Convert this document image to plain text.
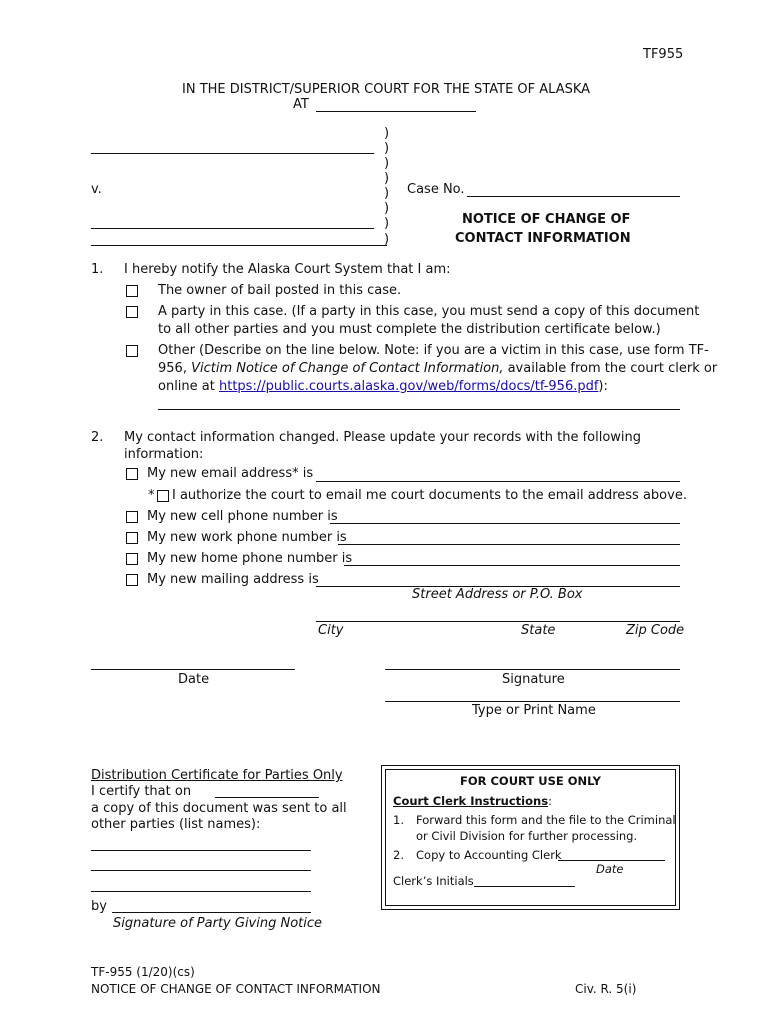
TF955
IN THE DISTRICT/SUPERIOR COURT FOR THE STATE OF ALASKA
AT
v.
)
)
)
)
)
)
)
)
Case No.
NOTICE OF CHANGE OF
CONTACT INFORMATION
1. I hereby notify the Alaska Court System that I am:
The owner of bail posted in this case.
A party in this case. (If a party in this case, you must send a copy of this document
to all other parties and you must complete the distribution certificate below.)
Other (Describe on the line below. Note: if you are a victim in this case, use form TF-
956, Victim Notice of Change of Contact Information, available from the court clerk or
online at https://public.courts.alaska.gov/web/forms/docs/tf-956.pdf):
2. My contact information changed. Please update your records with the following
information:
My new email address* is
* I authorize the court to email me court documents to the email address above.
My new cell phone number is
My new work phone number is
My new home phone number is
My new mailing address is
Street Address or P.O. Box
City	State	Zip Code
Date	Signature
Type or Print Name
Distribution Certificate for Parties Only
I certify that on
a copy of this document was sent to all
other parties (list names):
by
Signature of Party Giving Notice
FOR COURT USE ONLY
Court Clerk Instructions:
1. Forward this form and the file to the Criminal
or Civil Division for further processing.
2. Copy to Accounting Clerk
Date
Clerk’s Initials
TF-955 (1/20)(cs)
NOTICE OF CHANGE OF CONTACT INFORMATION	Civ. R. 5(i)
